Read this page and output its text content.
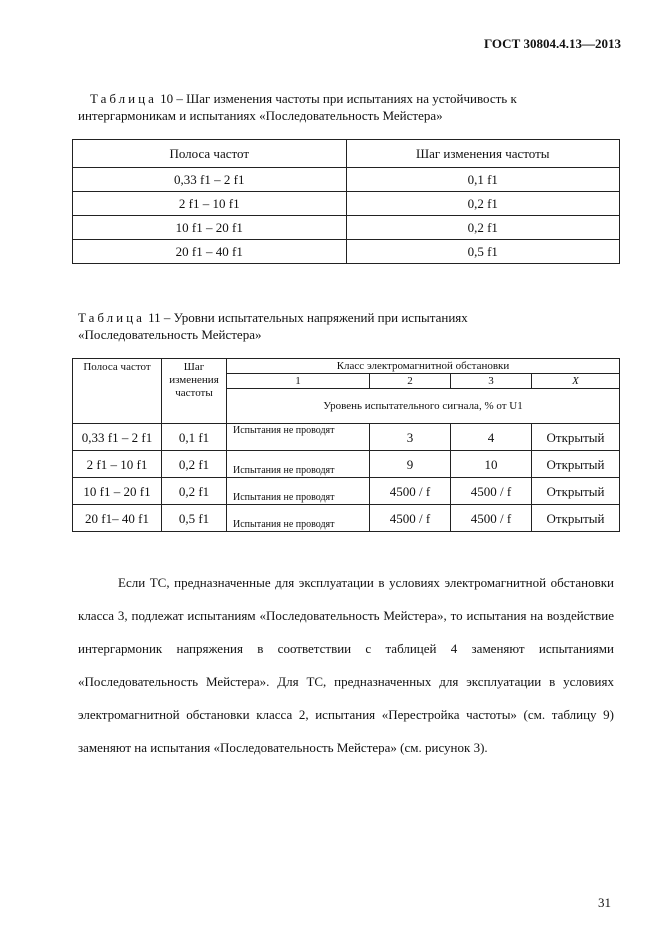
ГОСТ 30804.4.13—2013
Таблица 10 – Шаг изменения частоты при испытаниях на устойчивость к
интергармоникам и испытаниях «Последовательность Мейстера»
Полоса частот	Шаг изменения частоты
0,33 f1 – 2 f1	0,1 f1
2 f1 – 10 f1	0,2 f1
10 f1 – 20 f1	0,2 f1
20 f1 – 40 f1	0,5 f1
Таблица 11 – Уровни испытательных напряжений при испытаниях
«Последовательность Мейстера»
Полоса частот	Шаг изменения частоты	Класс электромагнитной обстановки			
		1	2	3	X
		Уровень испытательного сигнала, % от U1			
0,33 f1 – 2 f1	0,1 f1	Испытания не проводят	3	4	Открытый
2 f1 – 10 f1	0,2 f1	Испытания не проводят	9	10	Открытый
10 f1 – 20 f1	0,2 f1	Испытания не проводят	4500 / f	4500 / f	Открытый
20 f1– 40 f1	0,5 f1	Испытания не проводят	4500 / f	4500 / f	Открытый

Если ТС, предназначенные для эксплуатации в условиях электромагнитной обстановки класса 3, подлежат испытаниям «Последовательность Мейстера», то испытания на воздействие интергармоник напряжения в соответствии с таблицей 4 заменяют испытаниями «Последовательность Мейстера». Для ТС, предназначенных для эксплуатации в условиях электромагнитной обстановки класса 2, испытания «Перестройка частоты» (см. таблицу 9) заменяют на испытания «Последовательность Мейстера» (см. рисунок 3).

31
